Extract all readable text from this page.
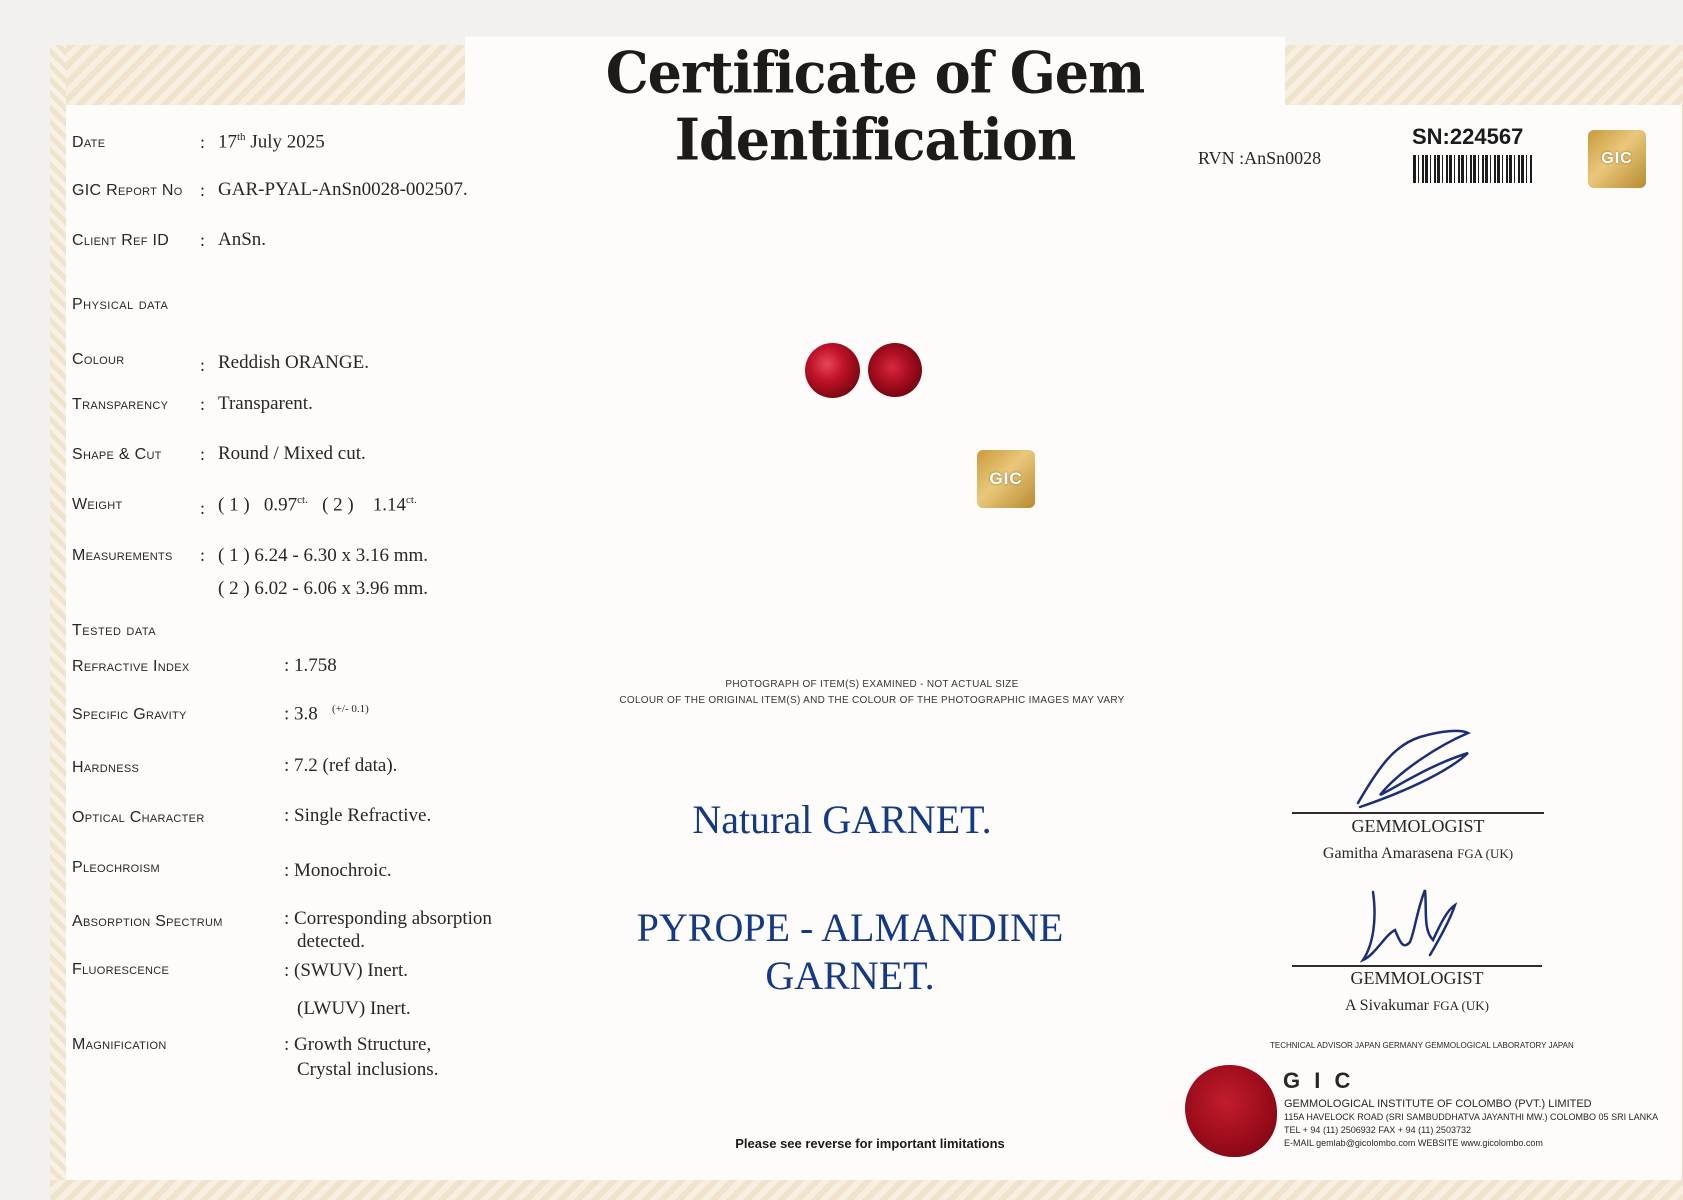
Certificate of Gem Identification
Date	: 17th July 2025
GIC Report No : GAR-PYAL-AnSn0028-002507.
Client Ref ID : AnSn.
RVN :AnSn0028
SN:224567
GIC
Physical data
Colour	: Reddish ORANGE.
Transparency : Transparent.
Shape & Cut : Round / Mixed cut.
Weight	: ( 1 ) $0.97^{ct.}$ ( 2 ) $1.14^{ct.}$
Measurements : ( 1 ) 6.24 - 6.30 x 3.16 mm.
( 2 ) 6.02 - 6.06 x 3.96 mm.
Tested data
Refractive Index	: 1.758
Specific Gravity	: 3.8 $^{(+/- 0.1)}$
Hardness	: 7.2 (ref data).
Optical Character	: Single Refractive.
Pleochroism	: Monochroic.
Absorption Spectrum	: Corresponding absorption
detected.
Fluorescence	: (SWUV) Inert.
(LWUV) Inert.
Magnification	: Growth Structure,
Crystal inclusions.
GIC
PHOTOGRAPH OF ITEM(S) EXAMINED - NOT ACTUAL SIZE
COLOUR OF THE ORIGINAL ITEM(S) AND THE COLOUR OF THE PHOTOGRAPHIC IMAGES MAY VARY
Natural GARNET.
PYROPE - ALMANDINE
GARNET.
Please see reverse for important limitations
GEMMOLOGIST
Gamitha Amarasena FGA (UK)
GEMMOLOGIST
A Sivakumar FGA (UK)
TECHNICAL ADVISOR JAPAN GERMANY GEMMOLOGICAL LABORATORY JAPAN
G I C
GEMMOLOGICAL INSTITUTE OF COLOMBO (PVT.) LIMITED
115A HAVELOCK ROAD (SRI SAMBUDDHATVA JAYANTHI MW.) COLOMBO 05 SRI LANKA
TEL + 94 (11) 2506932 FAX + 94 (11) 2503732
E-MAIL gemlab@gicolombo.com WEBSITE www.gicolombo.com
